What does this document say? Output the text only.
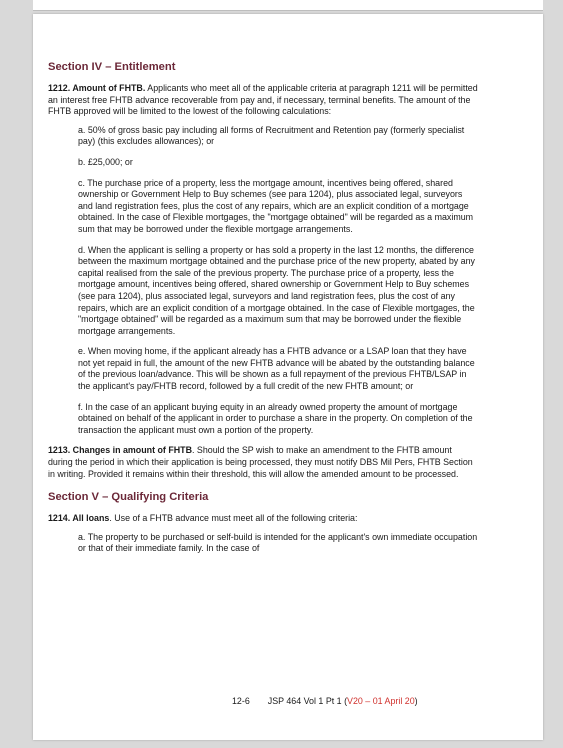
Section IV – Entitlement

1212. Amount of FHTB. Applicants who meet all of the applicable criteria at paragraph 1211 will be permitted an interest free FHTB advance recoverable from pay and, if necessary, terminal benefits. The amount of the FHTB approved will be limited to the lowest of the following calculations:

a. 50% of gross basic pay including all forms of Recruitment and Retention pay (formerly specialist pay) (this excludes allowances); or

b. £25,000; or

c. The purchase price of a property, less the mortgage amount, incentives being offered, shared ownership or Government Help to Buy schemes (see para 1204), plus associated legal, surveyors and land registration fees, plus the cost of any repairs, which are an explicit condition of a mortgage obtained. In the case of Flexible mortgages, the "mortgage obtained" will be regarded as a maximum sum that may be borrowed under the flexible mortgage arrangements.

d. When the applicant is selling a property or has sold a property in the last 12 months, the difference between the maximum mortgage obtained and the purchase price of the new property, abated by any capital realised from the sale of the previous property. The purchase price of a property, less the mortgage amount, incentives being offered, shared ownership or Government Help to Buy schemes (see para 1204), plus associated legal, surveyors and land registration fees, plus the cost of any repairs, which are an explicit condition of a mortgage obtained. In the case of Flexible mortgages, the "mortgage obtained" will be regarded as a maximum sum that may be borrowed under the flexible mortgage arrangements.

e. When moving home, if the applicant already has a FHTB advance or a LSAP loan that they have not yet repaid in full, the amount of the new FHTB advance will be abated by the outstanding balance of the previous loan/advance. This will be shown as a full repayment of the previous FHTB/LSAP in the applicant's pay/FHTB record, followed by a full credit of the new FHTB amount; or

f. In the case of an applicant buying equity in an already owned property the amount of mortgage obtained on behalf of the applicant in order to purchase a share in the property. On completion of the transaction the applicant must own a portion of the property.

1213. Changes in amount of FHTB. Should the SP wish to make an amendment to the FHTB amount during the period in which their application is being processed, they must notify DBS Mil Pers, FHTB Section in writing. Provided it remains within their threshold, this will allow the amended amount to be processed.

Section V – Qualifying Criteria

1214. All loans. Use of a FHTB advance must meet all of the following criteria:

a. The property to be purchased or self-build is intended for the applicant's own immediate occupation or that of their immediate family. In the case of

12-6 JSP 464 Vol 1 Pt 1 (V20 – 01 April 20)
